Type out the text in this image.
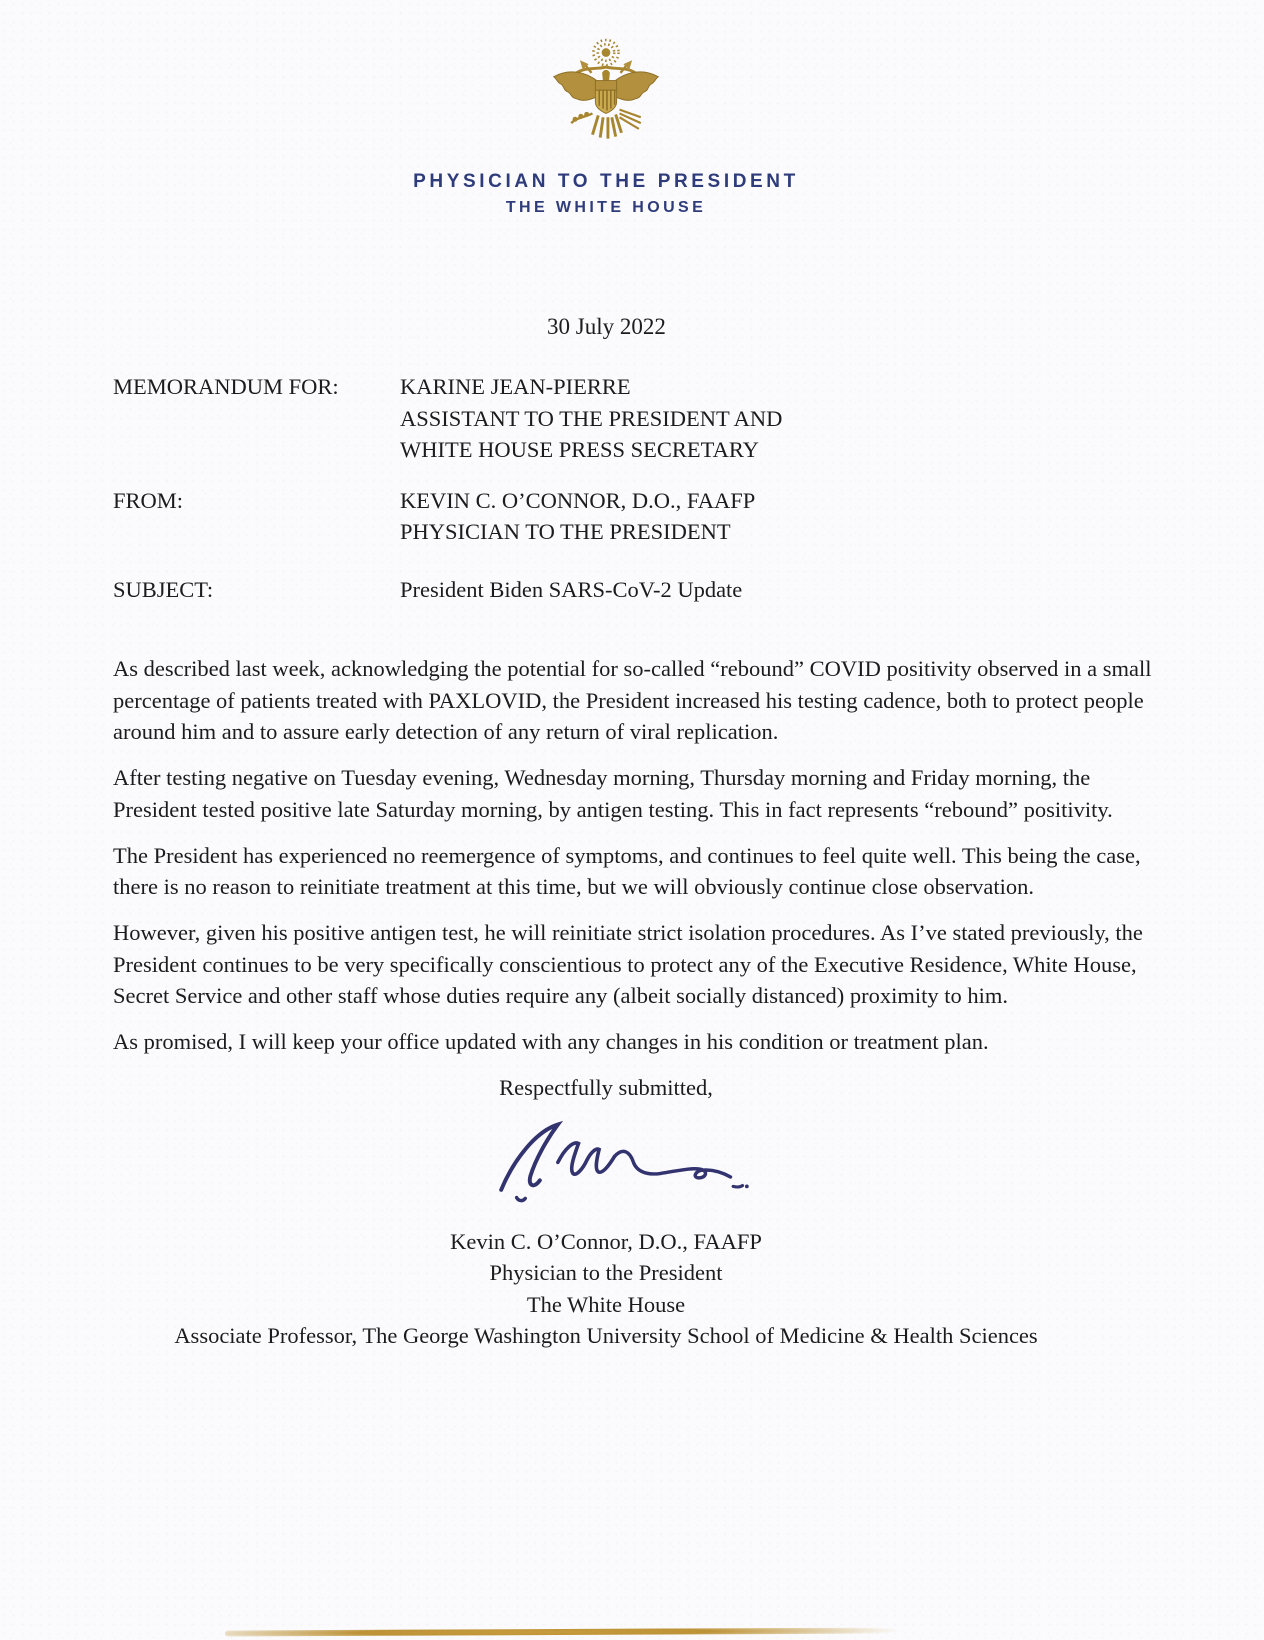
PHYSICIAN TO THE PRESIDENT
THE WHITE HOUSE
30 July 2022
MEMORANDUM FOR:	KARINE JEAN-PIERRE
ASSISTANT TO THE PRESIDENT AND
WHITE HOUSE PRESS SECRETARY
FROM:	KEVIN C. O’CONNOR, D.O., FAAFP
PHYSICIAN TO THE PRESIDENT
SUBJECT:	President Biden SARS-CoV-2 Update

As described last week, acknowledging the potential for so-called “rebound” COVID positivity observed in a small percentage of patients treated with PAXLOVID, the President increased his testing cadence, both to protect people around him and to assure early detection of any return of viral replication.

After testing negative on Tuesday evening, Wednesday morning, Thursday morning and Friday morning, the President tested positive late Saturday morning, by antigen testing. This in fact represents “rebound” positivity.

The President has experienced no reemergence of symptoms, and continues to feel quite well. This being the case, there is no reason to reinitiate treatment at this time, but we will obviously continue close observation.

However, given his positive antigen test, he will reinitiate strict isolation procedures. As I’ve stated previously, the President continues to be very specifically conscientious to protect any of the Executive Residence, White House, Secret Service and other staff whose duties require any (albeit socially distanced) proximity to him.

As promised, I will keep your office updated with any changes in his condition or treatment plan.

Respectfully submitted,
Kevin C. O’Connor, D.O., FAAFP
Physician to the President
The White House
Associate Professor, The George Washington University School of Medicine & Health Sciences
